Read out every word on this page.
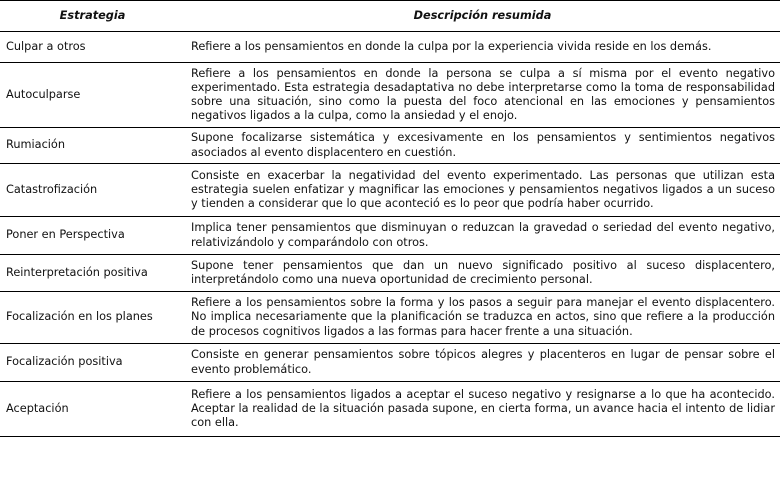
Estrategia	Descripción resumida
Culpar a otros	Refiere a los pensamientos en donde la culpa por la experiencia vivida reside en los demás.
Autoculparse	Refiere a los pensamientos en donde la persona se culpa a sí misma por el evento negativo experimentado. Esta estrategia desadaptativa no debe interpretarse como la toma de responsabilidad sobre una situación, sino como la puesta del foco atencional en las emociones y pensamientos negativos ligados a la culpa, como la ansiedad y el enojo.
Rumiación	Supone focalizarse sistemática y excesivamente en los pensamientos y sentimientos negativos asociados al evento displacentero en cuestión.
Catastrofización	Consiste en exacerbar la negatividad del evento experimentado. Las personas que utilizan esta estrategia suelen enfatizar y magnificar las emociones y pensamientos negativos ligados a un suceso y tienden a considerar que lo que aconteció es lo peor que podría haber ocurrido.
Poner en Perspectiva	Implica tener pensamientos que disminuyan o reduzcan la gravedad o seriedad del evento negativo, relativizándolo y comparándolo con otros.
Reinterpretación positiva	Supone tener pensamientos que dan un nuevo significado positivo al suceso displacentero, interpretándolo como una nueva oportunidad de crecimiento personal.
Focalización en los planes	Refiere a los pensamientos sobre la forma y los pasos a seguir para manejar el evento displacentero. No implica necesariamente que la planificación se traduzca en actos, sino que refiere a la producción de procesos cognitivos ligados a las formas para hacer frente a una situación.
Focalización positiva	Consiste en generar pensamientos sobre tópicos alegres y placenteros en lugar de pensar sobre el evento problemático.
Aceptación	Refiere a los pensamientos ligados a aceptar el suceso negativo y resignarse a lo que ha acontecido. Aceptar la realidad de la situación pasada supone, en cierta forma, un avance hacia el intento de lidiar con ella.
